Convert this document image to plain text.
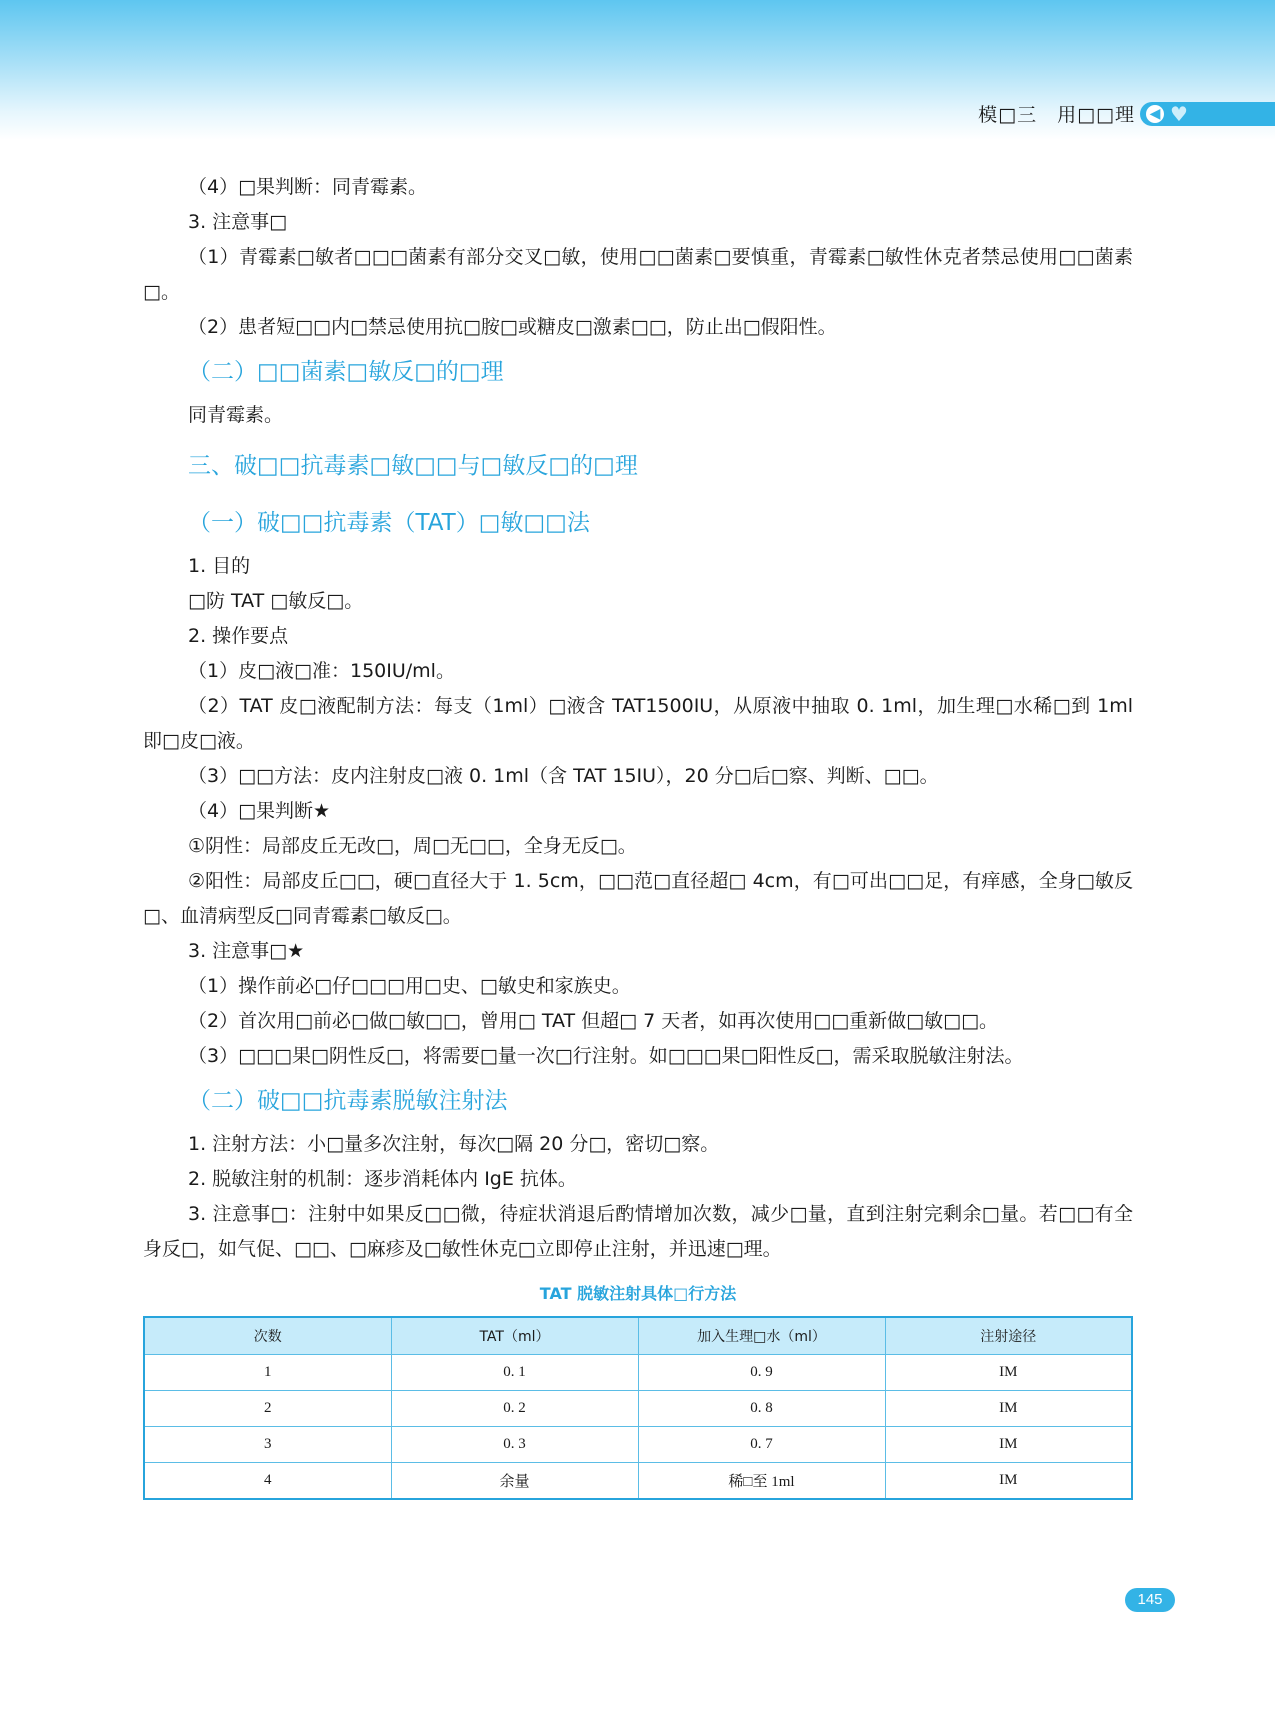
模□三　用□□理 ◀ ♥

（4）□果判断：同青霉素。

3. 注意事□

（1）青霉素□敏者□□□菌素有部分交叉□敏，使用□□菌素□要慎重，青霉素□敏性休克者禁忌使用□□菌素□。

（2）患者短□□内□禁忌使用抗□胺□或糖皮□激素□□，防止出□假阳性。

（二）□□菌素□敏反□的□理

同青霉素。

三、破□□抗毒素□敏□□与□敏反□的□理
（一）破□□抗毒素（TAT）□敏□□法

1. 目的

□防 TAT □敏反□。

2. 操作要点

（1）皮□液□准：150IU/ml。

（2）TAT 皮□液配制方法：每支（1ml）□液含 TAT1500IU，从原液中抽取 0. 1ml，加生理□水稀□到 1ml 即□皮□液。

（3）□□方法：皮内注射皮□液 0. 1ml（含 TAT 15IU），20 分□后□察、判断、□□。

（4）□果判断★

①阴性：局部皮丘无改□，周□无□□，全身无反□。

②阳性：局部皮丘□□，硬□直径大于 1. 5cm，□□范□直径超□ 4cm，有□可出□□足，有痒感，全身□敏反□、血清病型反□同青霉素□敏反□。

3. 注意事□★

（1）操作前必□仔□□□用□史、□敏史和家族史。

（2）首次用□前必□做□敏□□，曾用□ TAT 但超□ 7 天者，如再次使用□□重新做□敏□□。

（3）□□□果□阴性反□，将需要□量一次□行注射。如□□□果□阳性反□，需采取脱敏注射法。

（二）破□□抗毒素脱敏注射法

1. 注射方法：小□量多次注射，每次□隔 20 分□，密切□察。

2. 脱敏注射的机制：逐步消耗体内 IgE 抗体。

3. 注意事□：注射中如果反□□微，待症状消退后酌情增加次数，减少□量，直到注射完剩余□量。若□□有全身反□，如气促、□□、□麻疹及□敏性休克□立即停止注射，并迅速□理。

TAT 脱敏注射具体□行方法
次数	TAT（ml）	加入生理□水（ml）	注射途径
1	0. 1	0. 9	IM
2	0. 2	0. 8	IM
3	0. 3	0. 7	IM
4	余量	稀□至 1ml	IM
145
